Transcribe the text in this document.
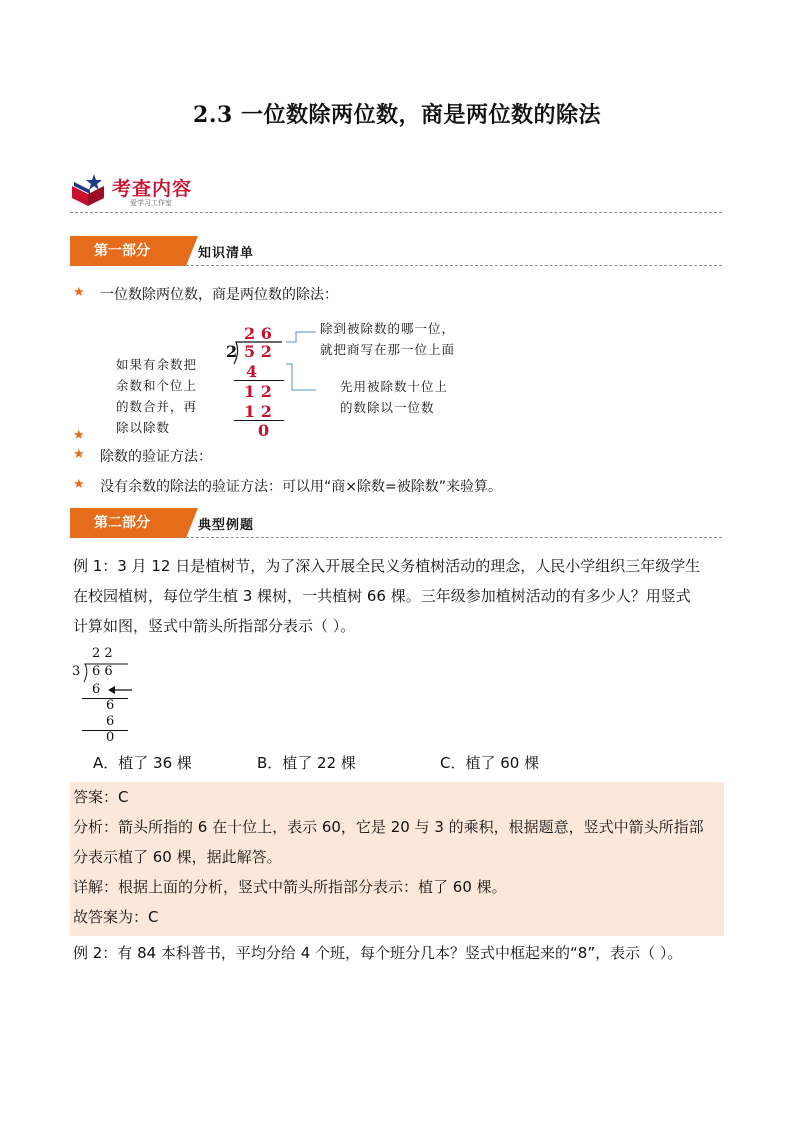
2.3 一位数除两位数，商是两位数的除法
考查内容
爱学习工作室
第一部分	知识清单
★ 一位数除两位数，商是两位数的除法：
如果有余数把
余数和个位上
的数合并，再
除以除数
2 6
2 5 2
4
1 2
1 2
0
除到被除数的哪一位，
就把商写在那一位上面
先用被除数十位上
的数除以一位数
★
★ 除数的验证方法：
★ 没有余数的除法的验证方法：可以用“商×除数=被除数”来验算。
第二部分	典型例题
例 1：3 月 12 日是植树节，为了深入开展全民义务植树活动的理念，人民小学组织三年级学生
在校园植树，每位学生植 3 棵树，一共植树 66 棵。三年级参加植树活动的有多少人？用竖式
计算如图，竖式中箭头所指部分表示（ ）。
2 2
3 6 6
6
6
6
0
A．植了 36 棵	B．植了 22 棵	C．植了 60 棵
答案：C
分析：箭头所指的 6 在十位上，表示 60，它是 20 与 3 的乘积，根据题意，竖式中箭头所指部
分表示植了 60 棵，据此解答。
详解：根据上面的分析，竖式中箭头所指部分表示：植了 60 棵。
故答案为：C
例 2：有 84 本科普书，平均分给 4 个班，每个班分几本？竖式中框起来的“8”，表示（ ）。
